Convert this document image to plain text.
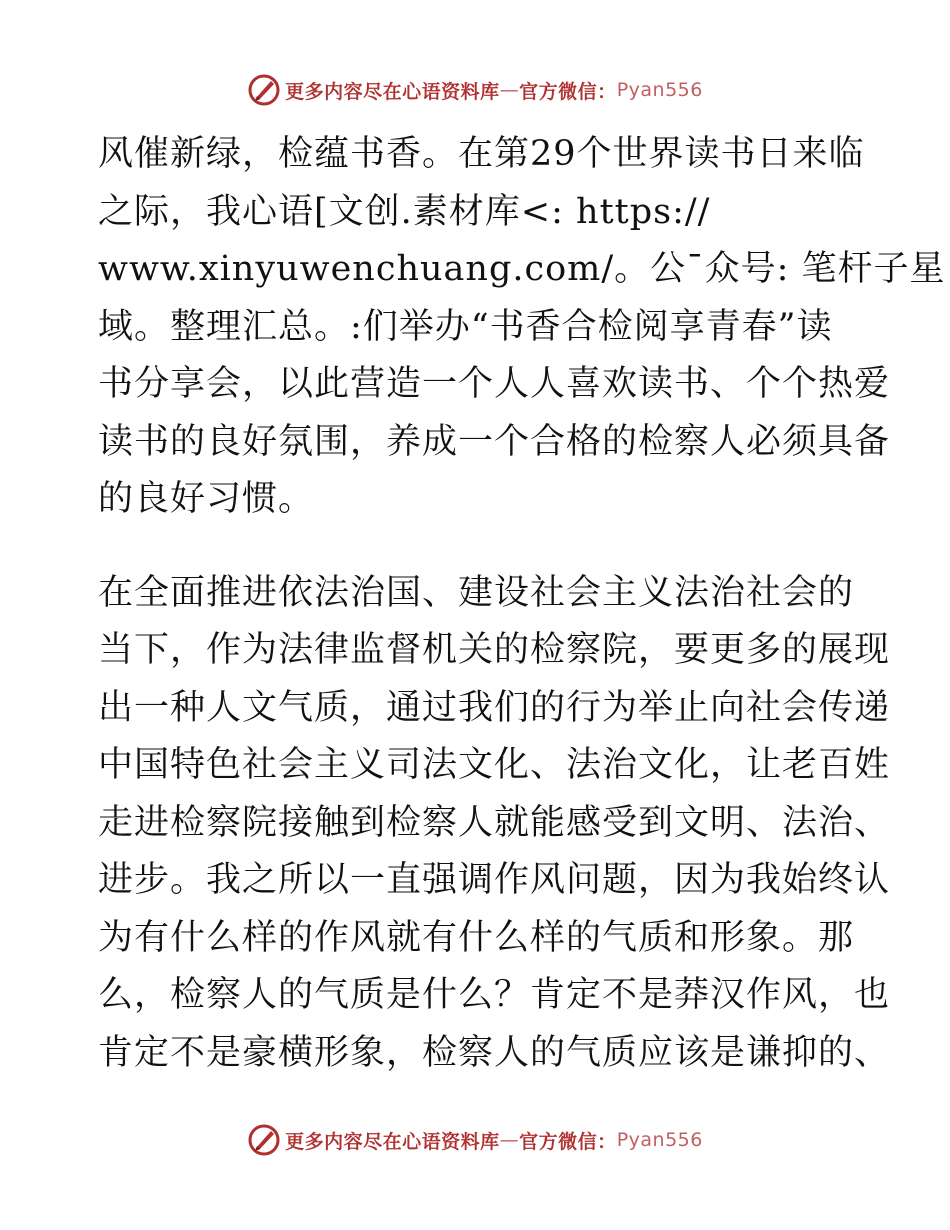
更多内容尽在心语资料库 — 官方微信： Pyan556
风催新绿，检蕴书香。在第29个世界读书日来临
之际，我心语[文创.素材库<: https://
www.xinyuwenchuang.com/。公¯众号: 笔杆子星
域。整理汇总。:们举办“书香合检阅享青春”读
书分享会，以此营造一个人人喜欢读书、个个热爱
读书的良好氛围，养成一个合格的检察人必须具备
的良好习惯。
在全面推进依法治国、建设社会主义法治社会的
当下，作为法律监督机关的检察院，要更多的展现
出一种人文气质，通过我们的行为举止向社会传递
中国特色社会主义司法文化、法治文化，让老百姓
走进检察院接触到检察人就能感受到文明、法治、
进步。我之所以一直强调作风问题，因为我始终认
为有什么样的作风就有什么样的气质和形象。那
么，检察人的气质是什么？肯定不是莽汉作风，也
肯定不是豪横形象，检察人的气质应该是谦抑的、
更多内容尽在心语资料库 — 官方微信： Pyan556
